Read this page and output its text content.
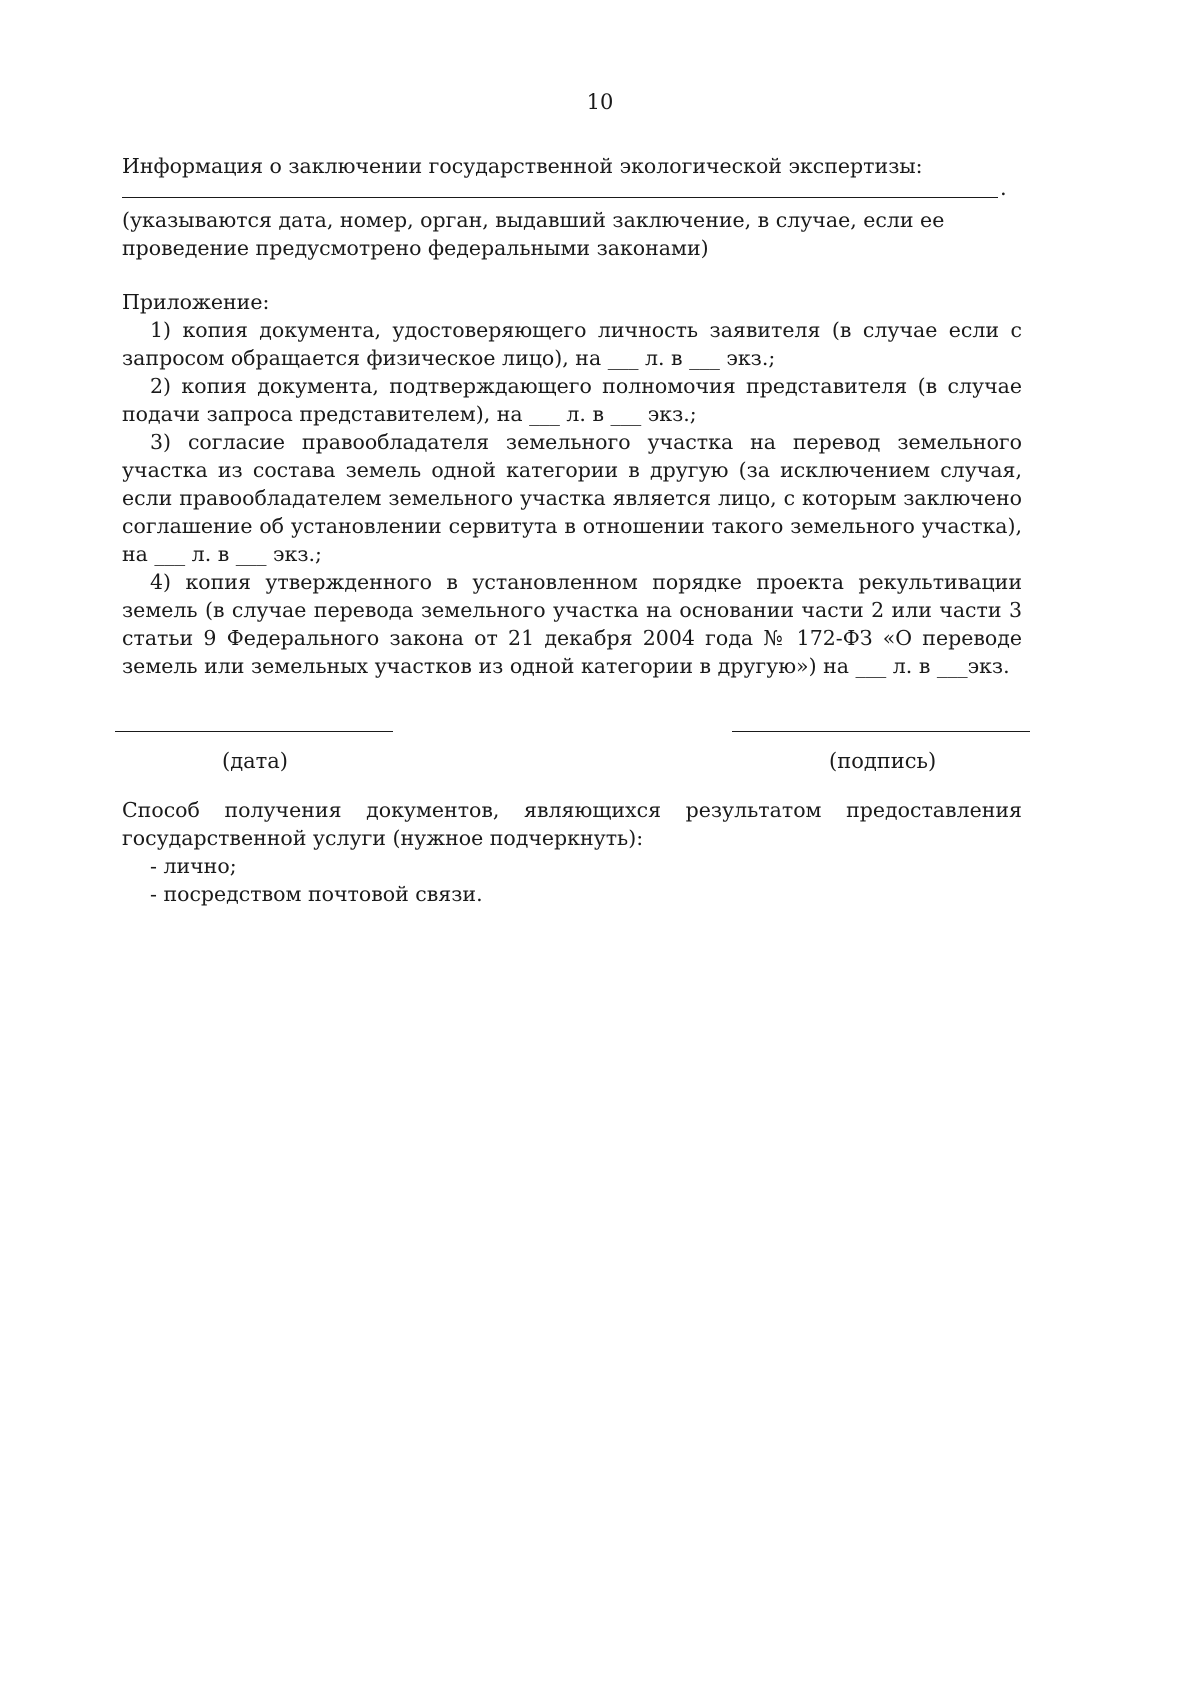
10

Информация о заключении государственной экологической экспертизы:

.

(указываются дата, номер, орган, выдавший заключение, в случае, если ее проведение предусмотрено федеральными законами)

Приложение:

1) копия документа, удостоверяющего личность заявителя (в случае если с запросом обращается физическое лицо), на ___ л. в ___ экз.;

2) копия документа, подтверждающего полномочия представителя (в случае подачи запроса представителем), на ___ л. в ___ экз.;

3) согласие правообладателя земельного участка на перевод земельного участка из состава земель одной категории в другую (за исключением случая, если правообладателем земельного участка является лицо, с которым заключено соглашение об установлении сервитута в отношении такого земельного участка), на ___ л. в ___ экз.;

4) копия утвержденного в установленном порядке проекта рекультивации земель (в случае перевода земельного участка на основании части 2 или части 3 статьи 9 Федерального закона от 21 декабря 2004 года № 172-ФЗ «О переводе земель или земельных участков из одной категории в другую») на ___ л. в ___экз.

(дата)	(подпись)

Способ получения документов, являющихся результатом предоставления государственной услуги (нужное подчеркнуть):

- лично;

- посредством почтовой связи.
